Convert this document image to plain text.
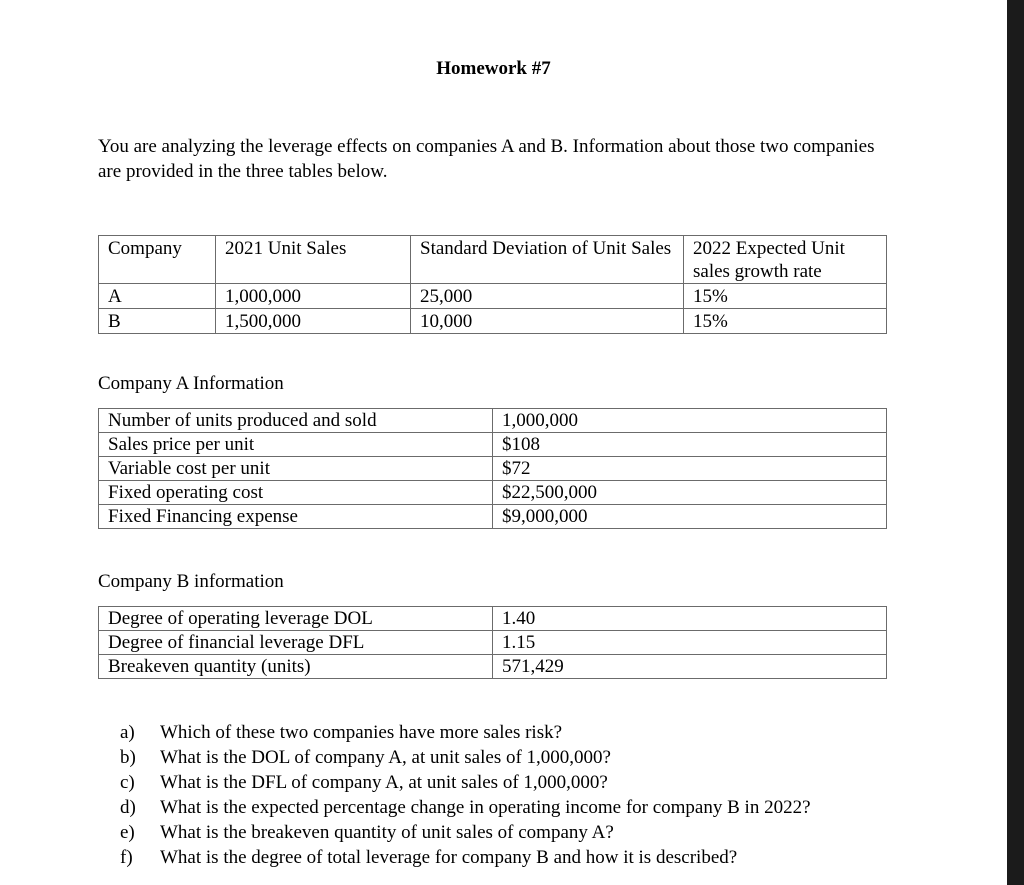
Homework #7
You are analyzing the leverage effects on companies A and B. Information about those two companies are provided in the three tables below.
Company	2021 Unit Sales	Standard Deviation of Unit Sales	2022 Expected Unit sales growth rate
A	1,000,000	25,000	15%
B	1,500,000	10,000	15%
Company A Information
Number of units produced and sold	1,000,000
Sales price per unit	$108
Variable cost per unit	$72
Fixed operating cost	$22,500,000
Fixed Financing expense	$9,000,000
Company B information
Degree of operating leverage DOL	1.40
Degree of financial leverage DFL	1.15
Breakeven quantity (units)	571,429
a)	Which of these two companies have more sales risk?
b)	What is the DOL of company A, at unit sales of 1,000,000?
c)	What is the DFL of company A, at unit sales of 1,000,000?
d)	What is the expected percentage change in operating income for company B in 2022?
e)	What is the breakeven quantity of unit sales of company A?
f)	What is the degree of total leverage for company B and how it is described?
